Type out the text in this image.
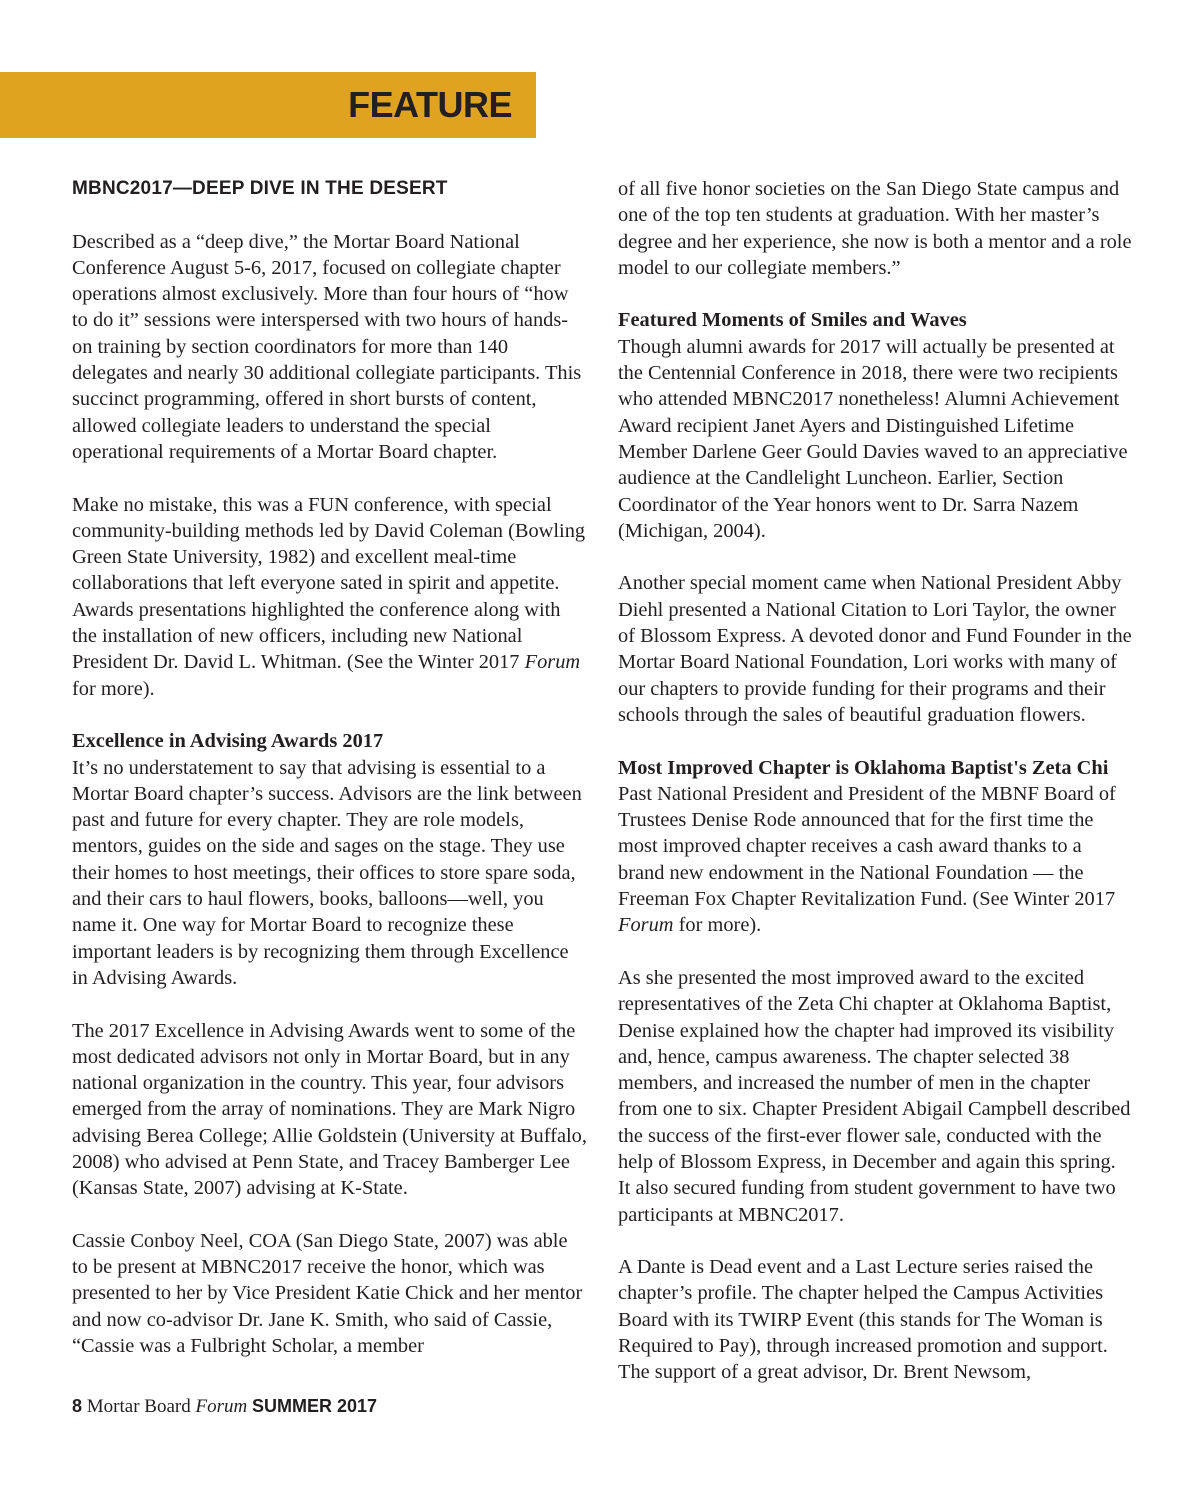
FEATURE
MBNC2017—DEEP DIVE IN THE DESERT

Described as a “deep dive,” the Mortar Board National Conference August 5-6, 2017, focused on collegiate chapter operations almost exclusively. More than four hours of “how to do it” sessions were interspersed with two hours of hands-on training by section coordinators for more than 140 delegates and nearly 30 additional collegiate participants. This succinct programming, offered in short bursts of content, allowed collegiate leaders to understand the special operational requirements of a Mortar Board chapter.

Make no mistake, this was a FUN conference, with special community-building methods led by David Coleman (Bowling Green State University, 1982) and excellent meal-time collaborations that left everyone sated in spirit and appetite. Awards presentations highlighted the conference along with the installation of new officers, including new National President Dr. David L. Whitman. (See the Winter 2017 Forum for more).

Excellence in Advising Awards 2017

It’s no understatement to say that advising is essential to a Mortar Board chapter’s success. Advisors are the link between past and future for every chapter. They are role models, mentors, guides on the side and sages on the stage. They use their homes to host meetings, their offices to store spare soda, and their cars to haul flowers, books, balloons—well, you name it. One way for Mortar Board to recognize these important leaders is by recognizing them through Excellence in Advising Awards.

The 2017 Excellence in Advising Awards went to some of the most dedicated advisors not only in Mortar Board, but in any national organization in the country. This year, four advisors emerged from the array of nominations. They are Mark Nigro advising Berea College; Allie Goldstein (University at Buffalo, 2008) who advised at Penn State, and Tracey Bamberger Lee (Kansas State, 2007) advising at K-State.

Cassie Conboy Neel, COA (San Diego State, 2007) was able to be present at MBNC2017 receive the honor, which was presented to her by Vice President Katie Chick and her mentor and now co-advisor Dr. Jane K. Smith, who said of Cassie, “Cassie was a Fulbright Scholar, a member

of all five honor societies on the San Diego State campus and one of the top ten students at graduation. With her master’s degree and her experience, she now is both a mentor and a role model to our collegiate members.”

Featured Moments of Smiles and Waves

Though alumni awards for 2017 will actually be presented at the Centennial Conference in 2018, there were two recipients who attended MBNC2017 nonetheless! Alumni Achievement Award recipient Janet Ayers and Distinguished Lifetime Member Darlene Geer Gould Davies waved to an appreciative audience at the Candlelight Luncheon. Earlier, Section Coordinator of the Year honors went to Dr. Sarra Nazem (Michigan, 2004).

Another special moment came when National President Abby Diehl presented a National Citation to Lori Taylor, the owner of Blossom Express. A devoted donor and Fund Founder in the Mortar Board National Foundation, Lori works with many of our chapters to provide funding for their programs and their schools through the sales of beautiful graduation flowers.

Most Improved Chapter is Oklahoma Baptist's Zeta Chi

Past National President and President of the MBNF Board of Trustees Denise Rode announced that for the first time the most improved chapter receives a cash award thanks to a brand new endowment in the National Foundation — the Freeman Fox Chapter Revitalization Fund. (See Winter 2017 Forum for more).

As she presented the most improved award to the excited representatives of the Zeta Chi chapter at Oklahoma Baptist, Denise explained how the chapter had improved its visibility and, hence, campus awareness. The chapter selected 38 members, and increased the number of men in the chapter from one to six. Chapter President Abigail Campbell described the success of the first-ever flower sale, conducted with the help of Blossom Express, in December and again this spring. It also secured funding from student government to have two participants at MBNC2017.

A Dante is Dead event and a Last Lecture series raised the chapter’s profile. The chapter helped the Campus Activities Board with its TWIRP Event (this stands for The Woman is Required to Pay), through increased promotion and support. The support of a great advisor, Dr. Brent Newsom,

8 Mortar Board Forum SUMMER 2017
